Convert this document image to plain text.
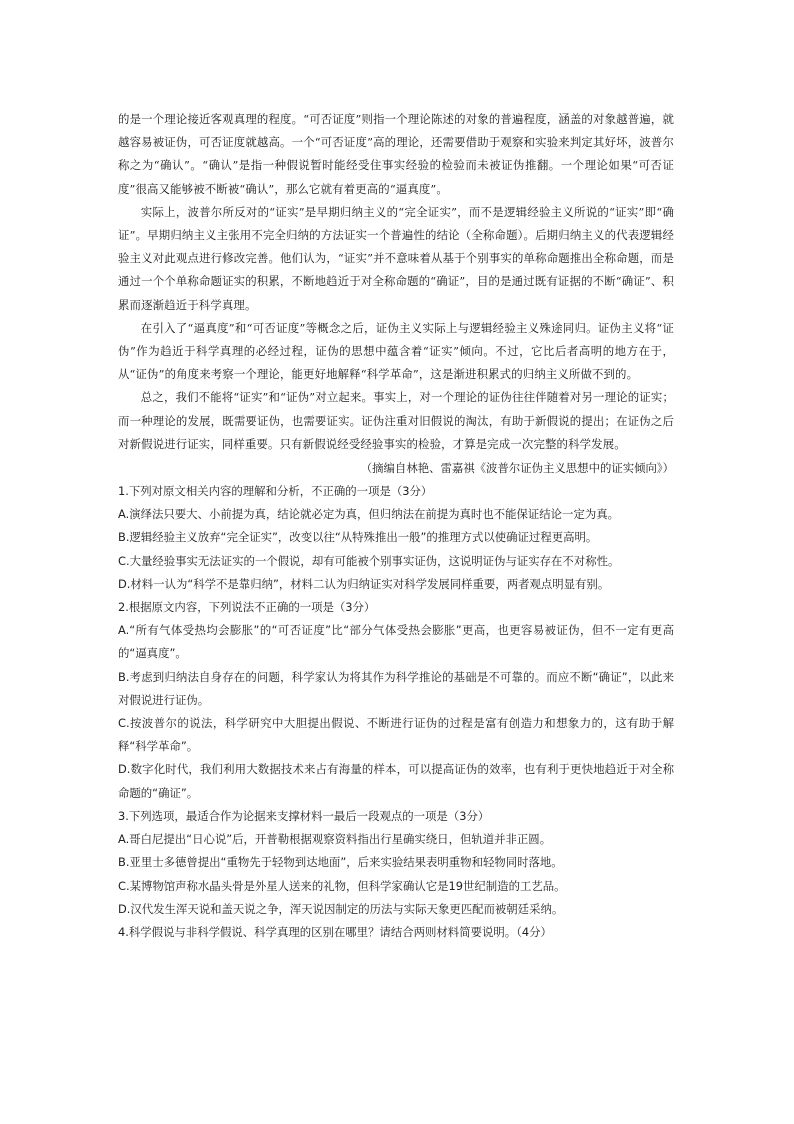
的是一个理论接近客观真理的程度。“可否证度”则指一个理论陈述的对象的普遍程度，涵盖的对象越普遍，就越容易被证伪，可否证度就越高。一个“可否证度”高的理论，还需要借助于观察和实验来判定其好坏，波普尔称之为“确认”。“确认”是指一种假说暂时能经受住事实经验的检验而未被证伪推翻。一个理论如果“可否证度”很高又能够被不断被“确认”，那么它就有着更高的“逼真度”。

实际上，波普尔所反对的“证实”是早期归纳主义的“完全证实”，而不是逻辑经验主义所说的“证实”即“确证”。早期归纳主义主张用不完全归纳的方法证实一个普遍性的结论（全称命题）。后期归纳主义的代表逻辑经验主义对此观点进行修改完善。他们认为，“证实”并不意味着从基于个别事实的单称命题推出全称命题，而是通过一个个单称命题证实的积累，不断地趋近于对全称命题的“确证”，目的是通过既有证据的不断“确证”、积累而逐渐趋近于科学真理。

在引入了“逼真度”和“可否证度”等概念之后，证伪主义实际上与逻辑经验主义殊途同归。证伪主义将“证伪”作为趋近于科学真理的必经过程，证伪的思想中蕴含着“证实”倾向。不过，它比后者高明的地方在于，从“证伪”的角度来考察一个理论，能更好地解释“科学革命”，这是渐进积累式的归纳主义所做不到的。

总之，我们不能将“证实”和“证伪”对立起来。事实上，对一个理论的证伪往往伴随着对另一理论的证实；而一种理论的发展，既需要证伪，也需要证实。证伪注重对旧假说的淘汰，有助于新假说的提出；在证伪之后对新假说进行证实，同样重要。只有新假说经受经验事实的检验，才算是完成一次完整的科学发展。

（摘编自林艳、雷嘉祺《波普尔证伪主义思想中的证实倾向》）

1.下列对原文相关内容的理解和分析，不正确的一项是（3分）

A.演绎法只要大、小前提为真，结论就必定为真，但归纳法在前提为真时也不能保证结论一定为真。

B.逻辑经验主义放弃“完全证实”，改变以往“从特殊推出一般”的推理方式以使确证过程更高明。

C.大量经验事实无法证实的一个假说，却有可能被个别事实证伪，这说明证伪与证实存在不对称性。

D.材料一认为“科学不是靠归纳”，材料二认为归纳证实对科学发展同样重要，两者观点明显有别。

2.根据原文内容，下列说法不正确的一项是（3分）

A.“所有气体受热均会膨胀”的“可否证度”比“部分气体受热会膨胀”更高，也更容易被证伪，但不一定有更高的“逼真度”。

B.考虑到归纳法自身存在的问题，科学家认为将其作为科学推论的基础是不可靠的。而应不断“确证”，以此来对假说进行证伪。

C.按波普尔的说法，科学研究中大胆提出假说、不断进行证伪的过程是富有创造力和想象力的，这有助于解释“科学革命”。

D.数字化时代，我们利用大数据技术来占有海量的样本，可以提高证伪的效率，也有利于更快地趋近于对全称命题的“确证”。

3.下列选项，最适合作为论据来支撑材料一最后一段观点的一项是（3分）

A.哥白尼提出“日心说”后，开普勒根据观察资料指出行星确实绕日，但轨道并非正圆。

B.亚里士多德曾提出“重物先于轻物到达地面”，后来实验结果表明重物和轻物同时落地。

C.某博物馆声称水晶头骨是外星人送来的礼物，但科学家确认它是19世纪制造的工艺品。

D.汉代发生浑天说和盖天说之争，浑天说因制定的历法与实际天象更匹配而被朝廷采纳。

4.科学假说与非科学假说、科学真理的区别在哪里？请结合两则材料简要说明。（4分）
